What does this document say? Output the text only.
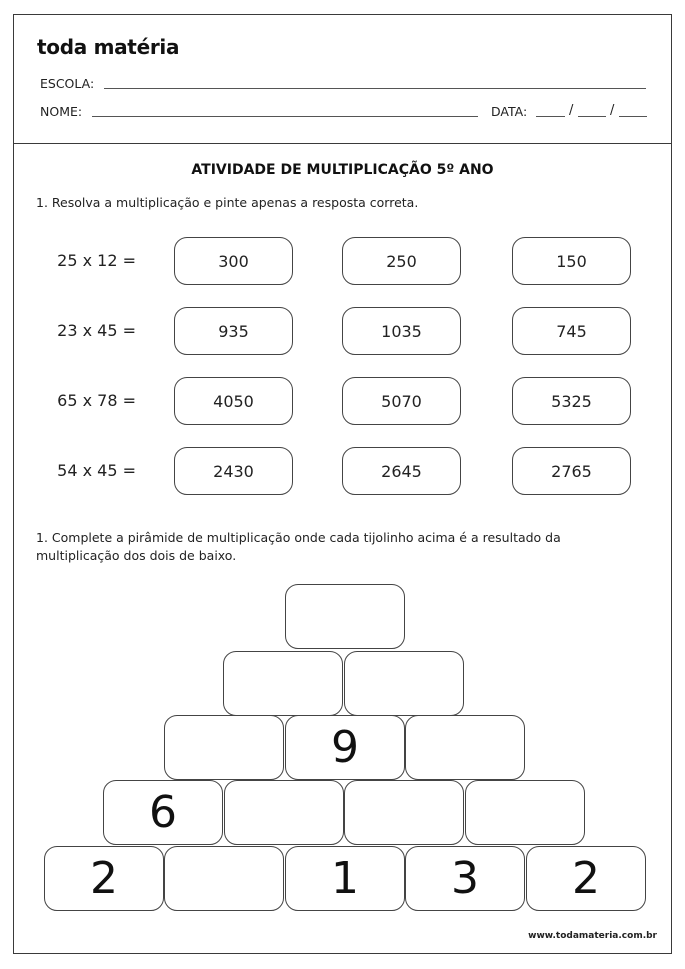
toda matéria
ESCOLA:
NOME:	DATA:	/	/
ATIVIDADE DE MULTIPLICAÇÃO 5º ANO
1. Resolva a multiplicação e pinte apenas a resposta correta.
25 x 12 =	300	250	150
23 x 45 =	935	1035	745
65 x 78 =	4050	5070	5325
54 x 45 =	2430	2645	2765
1. Complete a pirâmide de multiplicação onde cada tijolinho acima é a resultado da
multiplicação dos dois de baixo.
9
6
2	1	3	2
www.todamateria.com.br
